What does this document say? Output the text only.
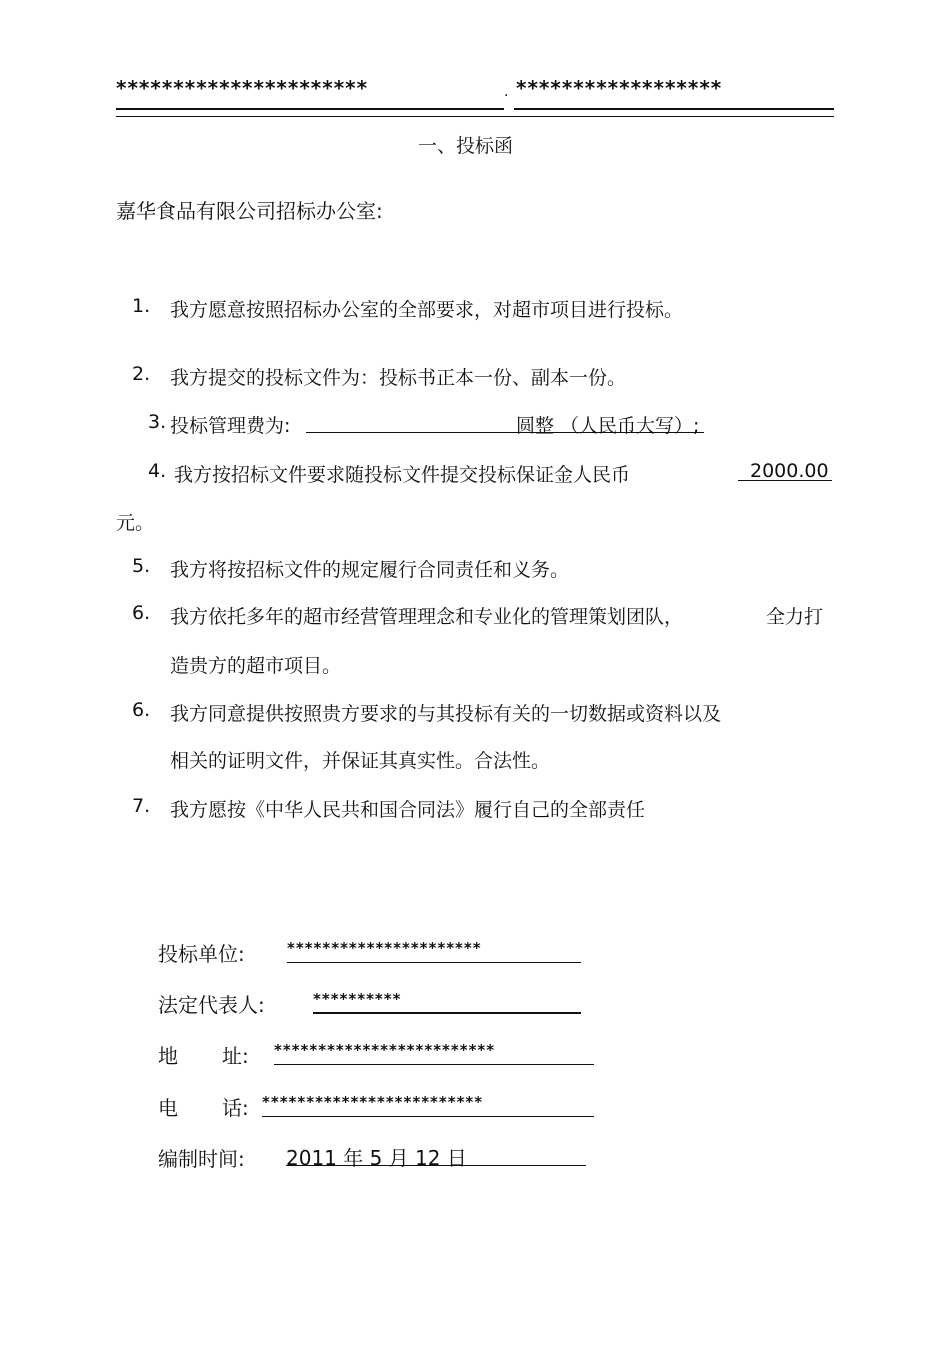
**********************	. ******************
一、投标函
嘉华食品有限公司招标办公室:
1. 我方愿意按照招标办公室的全部要求，对超市项目进行投标。
2. 我方提交的投标文件为：投标书正本一份、副本一份。
3. 投标管理费为:	圆整 （人民币大写）;
4. 我方按招标文件要求随投标文件提交投标保证金人民币	2000.00
元。
5. 我方将按招标文件的规定履行合同责任和义务。
6. 我方依托多年的超市经营管理理念和专业化的管理策划团队，	全力打
造贵方的超市项目。
6. 我方同意提供按照贵方要求的与其投标有关的一切数据或资料以及
相关的证明文件，并保证其真实性。合法性。
7. 我方愿按《中华人民共和国合同法》履行自己的全部责任
投标单位:	**********************
法定代表人:	**********
地 址: *************************
电 话: *************************
编制时间: 2011 年 5 月 12 日
